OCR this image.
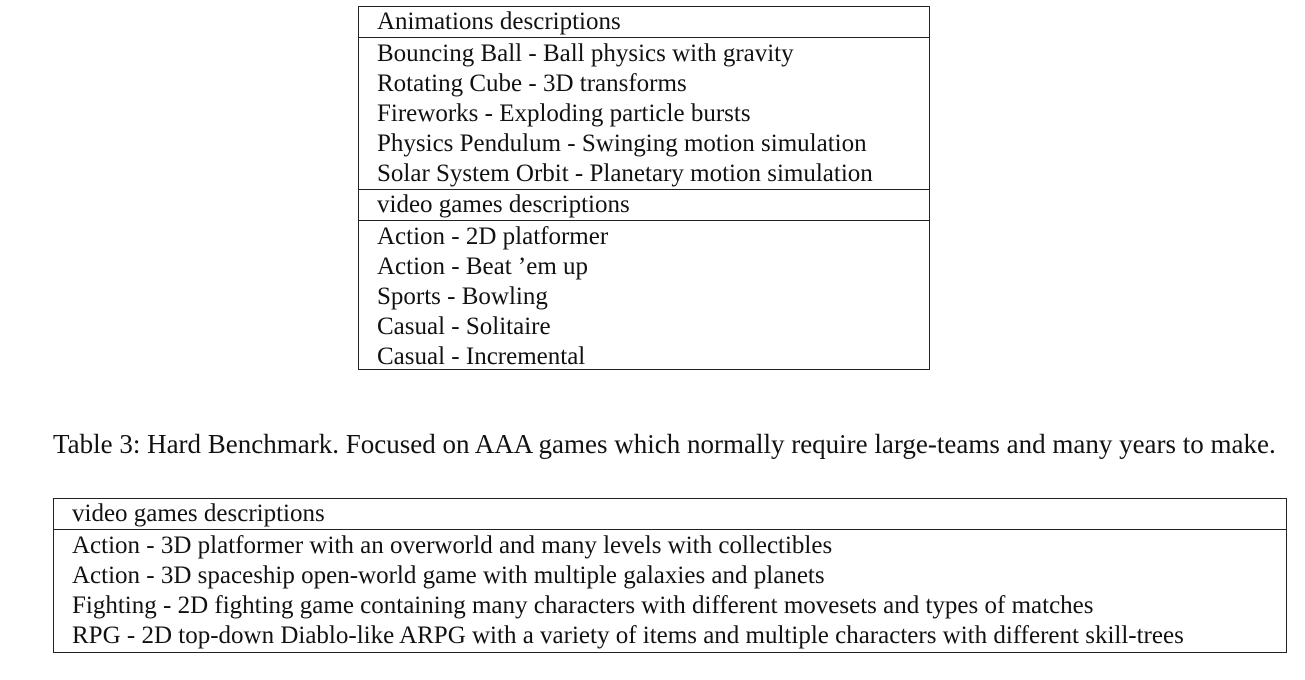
Animations descriptions
Bouncing Ball - Ball physics with gravity
Rotating Cube - 3D transforms
Fireworks - Exploding particle bursts
Physics Pendulum - Swinging motion simulation
Solar System Orbit - Planetary motion simulation
video games descriptions
Action - 2D platformer
Action - Beat ’em up
Sports - Bowling
Casual - Solitaire
Casual - Incremental
Table 3: Hard Benchmark. Focused on AAA games which normally require large-teams and many years to make.
video games descriptions
Action - 3D platformer with an overworld and many levels with collectibles
Action - 3D spaceship open-world game with multiple galaxies and planets
Fighting - 2D fighting game containing many characters with different movesets and types of matches
RPG - 2D top-down Diablo-like ARPG with a variety of items and multiple characters with different skill-trees
